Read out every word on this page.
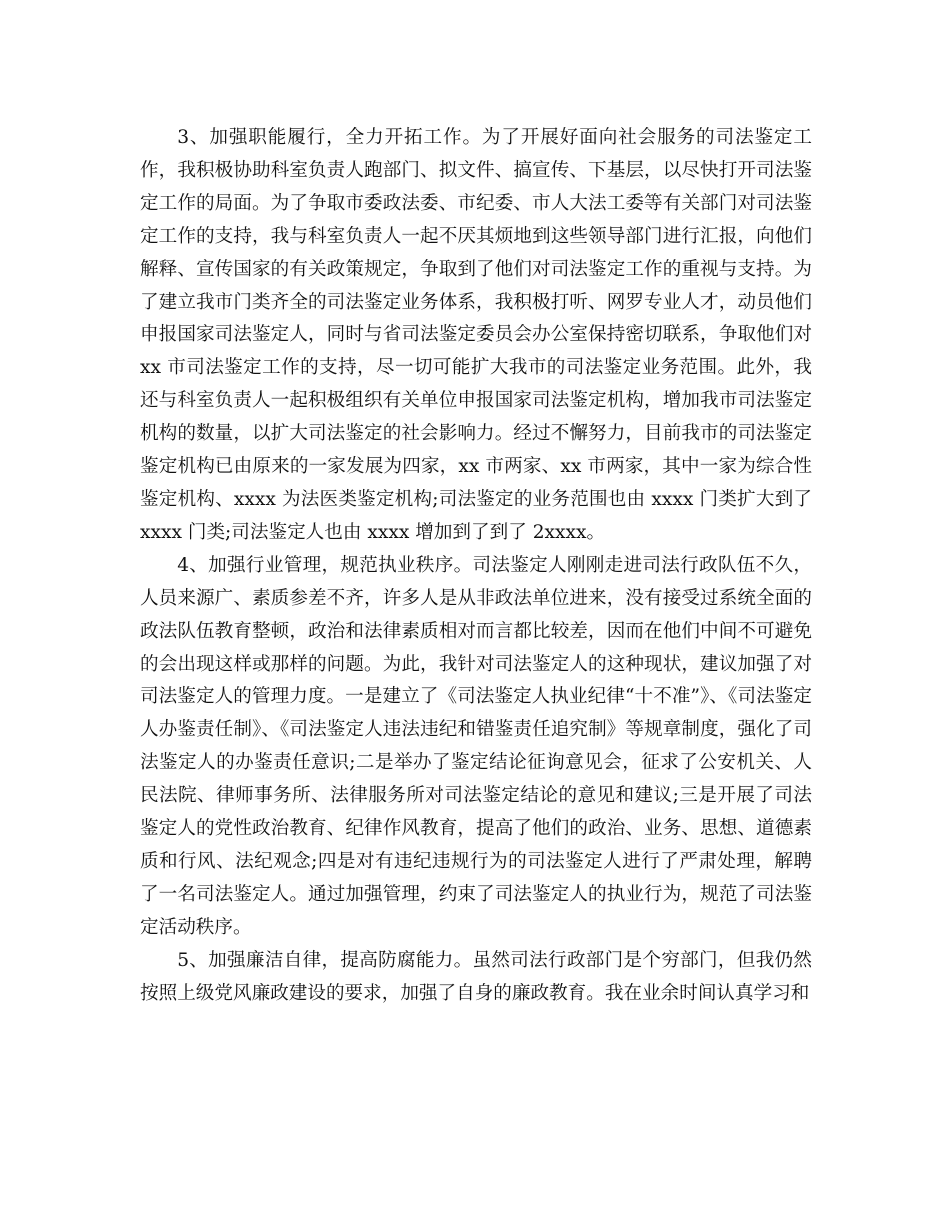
3、加强职能履行，全力开拓工作。为了开展好面向社会服务的司法鉴定工作，我积极协助科室负责人跑部门、拟文件、搞宣传、下基层，以尽快打开司法鉴定工作的局面。为了争取市委政法委、市纪委、市人大法工委等有关部门对司法鉴定工作的支持，我与科室负责人一起不厌其烦地到这些领导部门进行汇报，向他们解释、宣传国家的有关政策规定，争取到了他们对司法鉴定工作的重视与支持。为了建立我市门类齐全的司法鉴定业务体系，我积极打听、网罗专业人才，动员他们申报国家司法鉴定人，同时与省司法鉴定委员会办公室保持密切联系，争取他们对 xx 市司法鉴定工作的支持，尽一切可能扩大我市的司法鉴定业务范围。此外，我还与科室负责人一起积极组织有关单位申报国家司法鉴定机构，增加我市司法鉴定机构的数量，以扩大司法鉴定的社会影响力。经过不懈努力，目前我市的司法鉴定鉴定机构已由原来的一家发展为四家，xx 市两家、xx 市两家，其中一家为综合性鉴定机构、xxxx 为法医类鉴定机构;司法鉴定的业务范围也由 xxxx 门类扩大到了 xxxx 门类;司法鉴定人也由 xxxx 增加到了到了 2xxxx。

4、加强行业管理，规范执业秩序。司法鉴定人刚刚走进司法行政队伍不久，人员来源广、素质参差不齐，许多人是从非政法单位进来，没有接受过系统全面的政法队伍教育整顿，政治和法律素质相对而言都比较差，因而在他们中间不可避免的会出现这样或那样的问题。为此，我针对司法鉴定人的这种现状，建议加强了对司法鉴定人的管理力度。一是建立了《司法鉴定人执业纪律“十不准”》、《司法鉴定人办鉴责任制》、《司法鉴定人违法违纪和错鉴责任追究制》等规章制度，强化了司法鉴定人的办鉴责任意识;二是举办了鉴定结论征询意见会，征求了公安机关、人民法院、律师事务所、法律服务所对司法鉴定结论的意见和建议;三是开展了司法鉴定人的党性政治教育、纪律作风教育，提高了他们的政治、业务、思想、道德素质和行风、法纪观念;四是对有违纪违规行为的司法鉴定人进行了严肃处理，解聘了一名司法鉴定人。通过加强管理，约束了司法鉴定人的执业行为，规范了司法鉴定活动秩序。

5、加强廉洁自律，提高防腐能力。虽然司法行政部门是个穷部门，但我仍然按照上级党风廉政建设的要求，加强了自身的廉政教育。我在业余时间认真学习和
